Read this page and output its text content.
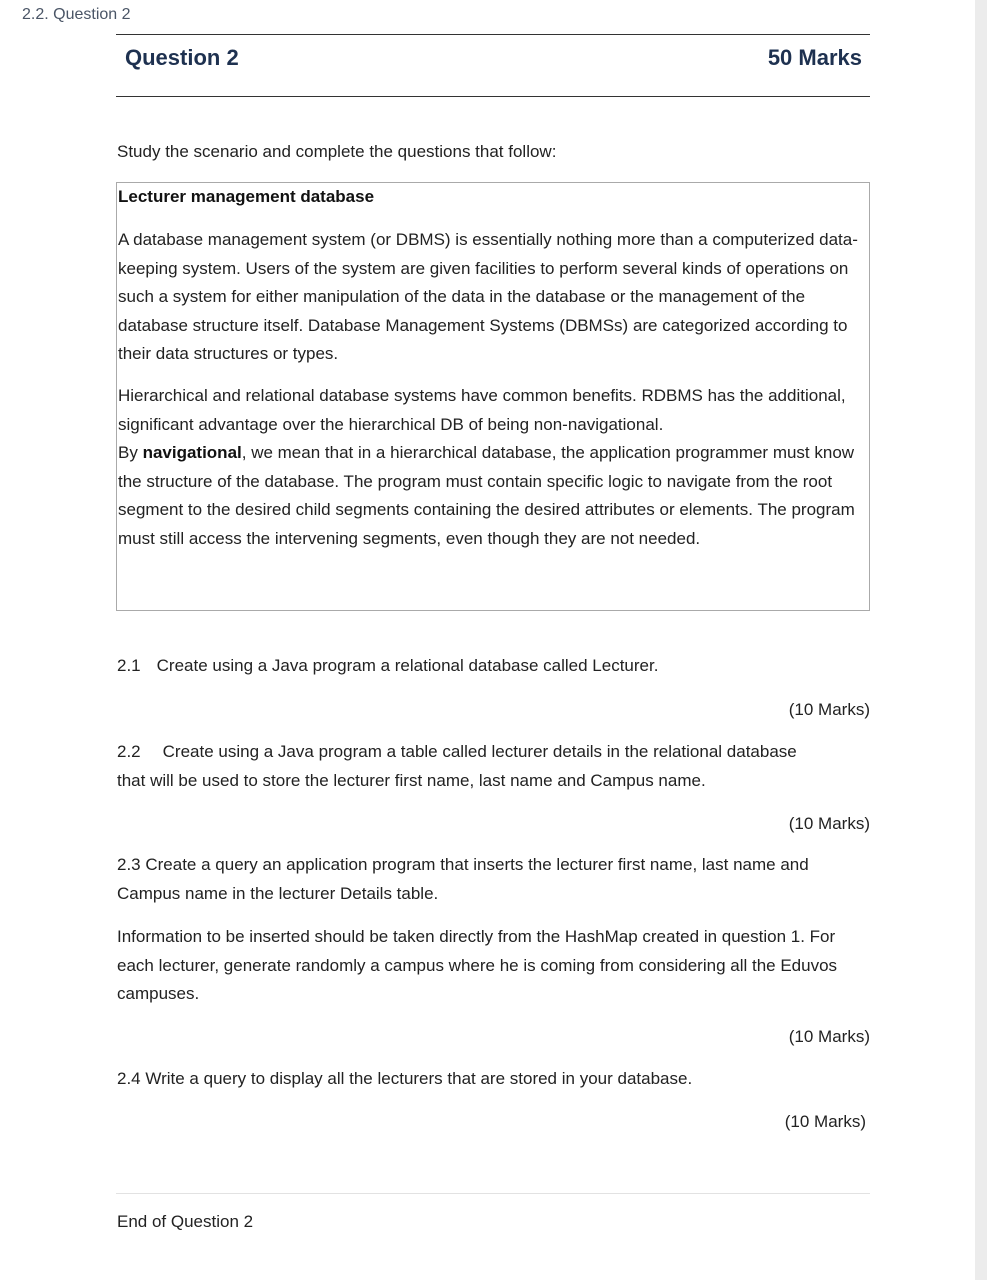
2.2. Question 2
Question 2	50 Marks
Study the scenario and complete the questions that follow:
Lecturer management database

A database management system (or DBMS) is essentially nothing more than a computerized data-keeping system. Users of the system are given facilities to perform several kinds of operations on such a system for either manipulation of the data in the database or the management of the database structure itself. Database Management Systems (DBMSs) are categorized according to their data structures or types.

Hierarchical and relational database systems have common benefits. RDBMS has the additional, significant advantage over the hierarchical DB of being non-navigational.
By navigational, we mean that in a hierarchical database, the application programmer must know the structure of the database. The program must contain specific logic to navigate from the root segment to the desired child segments containing the desired attributes or elements. The program must still access the intervening segments, even though they are not needed.

2.1 Create using a Java program a relational database called Lecturer.

(10 Marks)

2.2 Create using a Java program a table called lecturer details in the relational database
that will be used to store the lecturer first name, last name and Campus name.

(10 Marks)

2.3 Create a query an application program that inserts the lecturer first name, last name and Campus name in the lecturer Details table.

Information to be inserted should be taken directly from the HashMap created in question 1. For each lecturer, generate randomly a campus where he is coming from considering all the Eduvos campuses.

(10 Marks)

2.4 Write a query to display all the lecturers that are stored in your database.

(10 Marks)
End of Question 2
